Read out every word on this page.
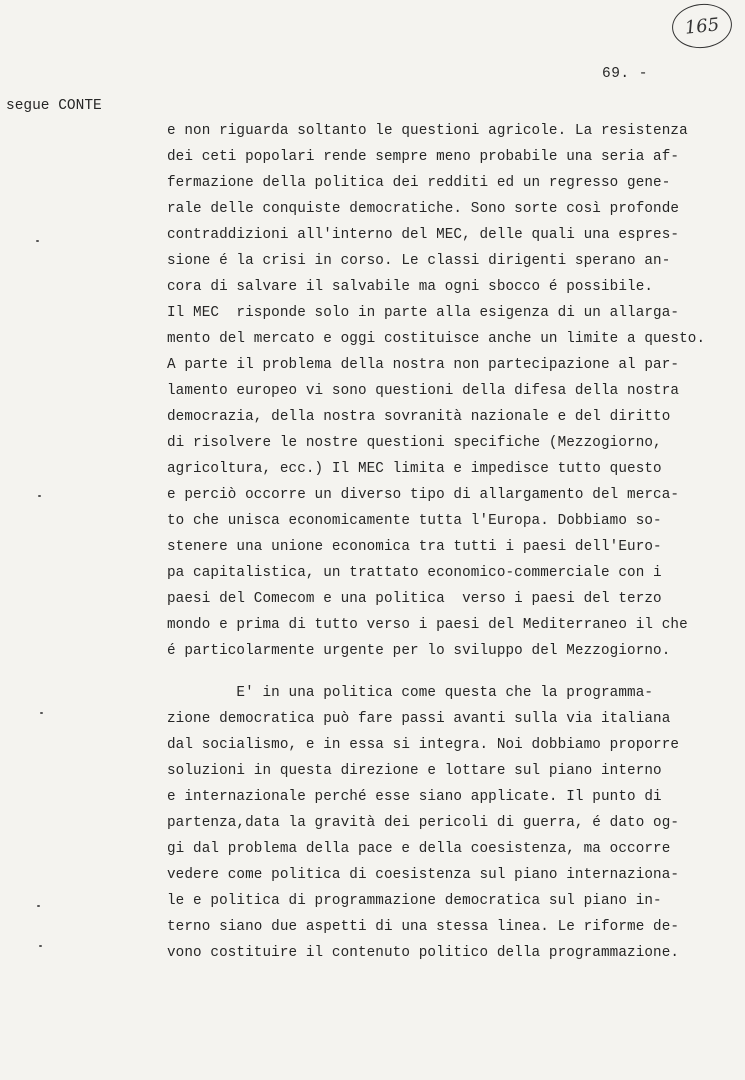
165
69. -
segue CONTE
e non riguarda soltanto le questioni agricole. La resistenza
dei ceti popolari rende sempre meno probabile una seria af-
fermazione della politica dei redditi ed un regresso gene-
rale delle conquiste democratiche. Sono sorte così profonde
contraddizioni all'interno del MEC, delle quali una espres-
sione é la crisi in corso. Le classi dirigenti sperano an-
cora di salvare il salvabile ma ogni sbocco é possibile.
Il MEC  risponde solo in parte alla esigenza di un allarga-
mento del mercato e oggi costituisce anche un limite a questo.
A parte il problema della nostra non partecipazione al par-
lamento europeo vi sono questioni della difesa della nostra
democrazia, della nostra sovranità nazionale e del diritto
di risolvere le nostre questioni specifiche (Mezzogiorno,
agricoltura, ecc.) Il MEC limita e impedisce tutto questo
e perciò occorre un diverso tipo di allargamento del merca-
to che unisca economicamente tutta l'Europa. Dobbiamo so-
stenere una unione economica tra tutti i paesi dell'Euro-
pa capitalistica, un trattato economico-commerciale con i
paesi del Comecom e una politica  verso i paesi del terzo
mondo e prima di tutto verso i paesi del Mediterraneo il che
é particolarmente urgente per lo sviluppo del Mezzogiorno.
E' in una politica come questa che la programma-
zione democratica può fare passi avanti sulla via italiana
dal socialismo, e in essa si integra. Noi dobbiamo proporre
soluzioni in questa direzione e lottare sul piano interno
e internazionale perché esse siano applicate. Il punto di
partenza,data la gravità dei pericoli di guerra, é dato og-
gi dal problema della pace e della coesistenza, ma occorre
vedere come politica di coesistenza sul piano internaziona-
le e politica di programmazione democratica sul piano in-
terno siano due aspetti di una stessa linea. Le riforme de-
vono costituire il contenuto politico della programmazione.
